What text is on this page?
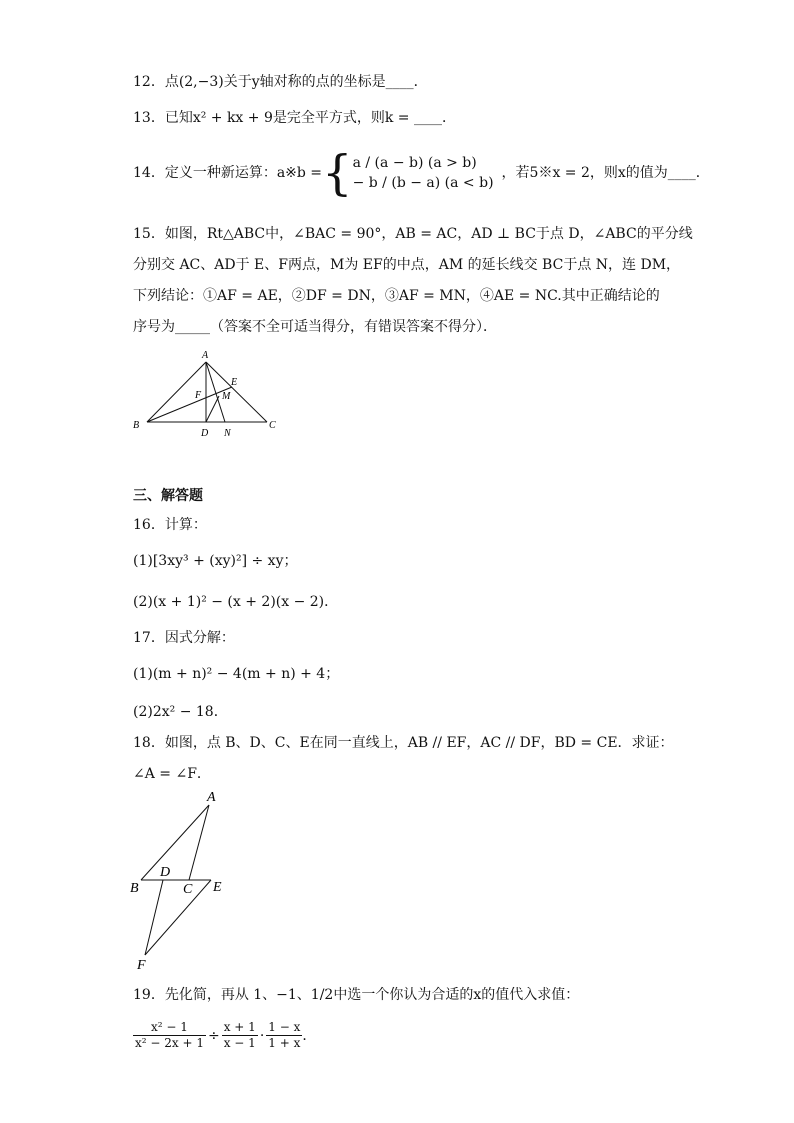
12．点(2,−3)关于y轴对称的点的坐标是____．
13．已知x² + kx + 9是完全平方式，则k = ____．
14．定义一种新运算：a※b = { a / (a − b) (a > b)
− b / (b − a) (a < b)
，若5※x = 2，则x的值为____．
15．如图，Rt△ABC中，∠BAC = 90°，AB = AC，AD ⊥ BC于点 D，∠ABC的平分线
分别交 AC、AD于 E、F两点，M为 EF的中点，AM 的延长线交 BC于点 N，连 DM，
下列结论：①AF = AE，②DF = DN，③AF = MN，④AE = NC.其中正确结论的
序号为_____（答案不全可适当得分，有错误答案不得分）．
A
B	C
D
E
F M
N
三、解答题
16．计算：
(1)[3xy³ + (xy)²] ÷ xy；
(2)(x + 1)² − (x + 2)(x − 2)．
17．因式分解：
(1)(m + n)² − 4(m + n) + 4；
(2)2x² − 18．
18．如图，点 B、D、C、E在同一直线上，AB // EF，AC // DF，BD = CE．求证：
∠A = ∠F．
A
B
D
C E
F
19．先化简，再从 1、−1、1/2中选一个你认为合适的x的值代入求值：
$\frac{\text{x² − 1}}{\text{x² − 2x + 1}} \div \frac{x + 1}{x - 1} \cdot \frac{1 - x}{1 + x}$ ．
